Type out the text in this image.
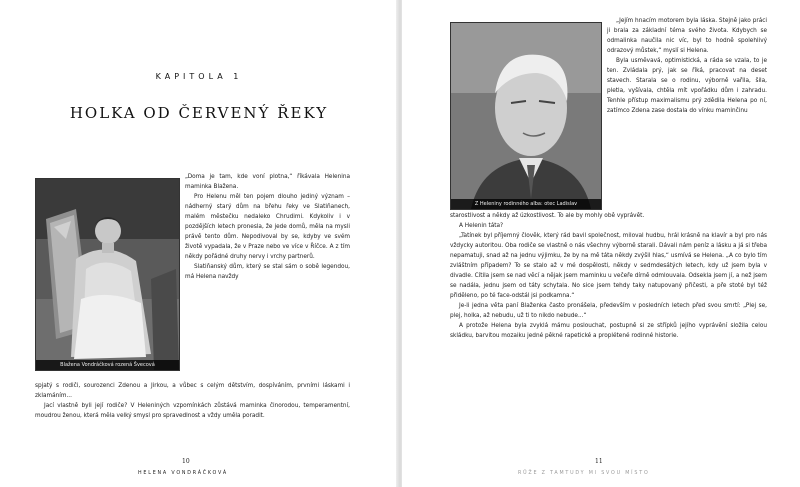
KAPITOLA 1
HOLKA OD ČERVENÝ ŘEKY
Blažena Vondráčková rozená Švecová

„Doma je tam, kde voní plotna,“ říkávala Helenina maminka Blažena.

Pro Helenu měl ten pojem dlouho jediný význam – nádherný starý dům na břehu řeky ve Slatiňanech, malém městečku nedaleko Chrudimi. Kdykoliv i v pozdějších letech pronesla, že jede domů, měla na mysli právě tento dům. Nepodivoval by se, kdyby ve svém životě vypadala, že v Praze nebo ve více v Říčce. A z tím někdy pořádné druhy nervy i vrchy partnerů.

Slatiňanský dům, který se stal sám o sobě legendou, má Helena navždy

spjatý s rodiči, sourozenci Zdenou a Jirkou, a vůbec s celým dětstvím, dospíváním, prvními láskami i zklamáním...

Jací vlastně byli její rodiče? V Heleniných vzpomínkách zůstává maminka činorodou, temperamentní, moudrou ženou, která měla velký smysl pro spravedlnost a vždy uměla poradit.

10
HELENA VONDRÁČKOVÁ
Z Heleniny rodinného alba: otec Ladislav

„Jejím hnacím motorem byla láska. Stejně jako práci ji brala za základní téma svého života. Kdybych se odmalinka naučila nic víc, byl to hodně spolehlivý odrazový můstek,“ myslí si Helena.

Byla usměvavá, optimistická, a ráda se vzala, to je ten. Zvládala prý, jak se říká, pracovat na deset stavech. Starala se o rodinu, výborně vařila, šila, pletla, vyšívala, chtěla mít vpořádku dům i zahradu. Tenhle přístup maximalismu prý zdědila Helena po ní, zatímco Zdena zase dostala do vínku maminčinu

starostlivost a někdy až úzkostlivost. To ale by mohly obě vyprávět.

A Helenin táta?

„Tatínek byl příjemný člověk, který rád bavil společnost, miloval hudbu, hrál krásně na klavír a byl pro nás vždycky autoritou. Oba rodiče se vlastně o nás všechny výborně starali. Dávali nám peníz a lásku a já si třeba nepamatuji, snad až na jednu výjimku, že by na mě táta někdy zvýšil hlas,“ usmívá se Helena. „A co bylo tím zvláštním případem? To se stalo až v mé dospělosti, někdy v sedmdesátých letech, kdy už jsem byla v divadle. Cítila jsem se nad věcí a nějak jsem maminku u večeře dírně odmlouvala. Odsekla jsem jí, a než jsem se nadála, jednu jsem od táty schytala. No sice jsem tehdy taky natupovaný přičesti, a pře stoté byl též přiděleno, po té face-odstál jsi podkamna.“

Je-li jedna věta paní Blaženka často pronášela, především v posledních letech před svou smrtí: „Plej se, plej, holka, až nebudu, už ti to nikdo nebude...“

A protože Helena byla zvyklá mámu poslouchat, postupně si ze střípků jejího vyprávění složila celou skládku, barvitou mozaiku jedné pěkné rapetické a proplétené rodinné historie.

11
RŮŽE Z TAMTUDY MI SVOU MÍSTO
